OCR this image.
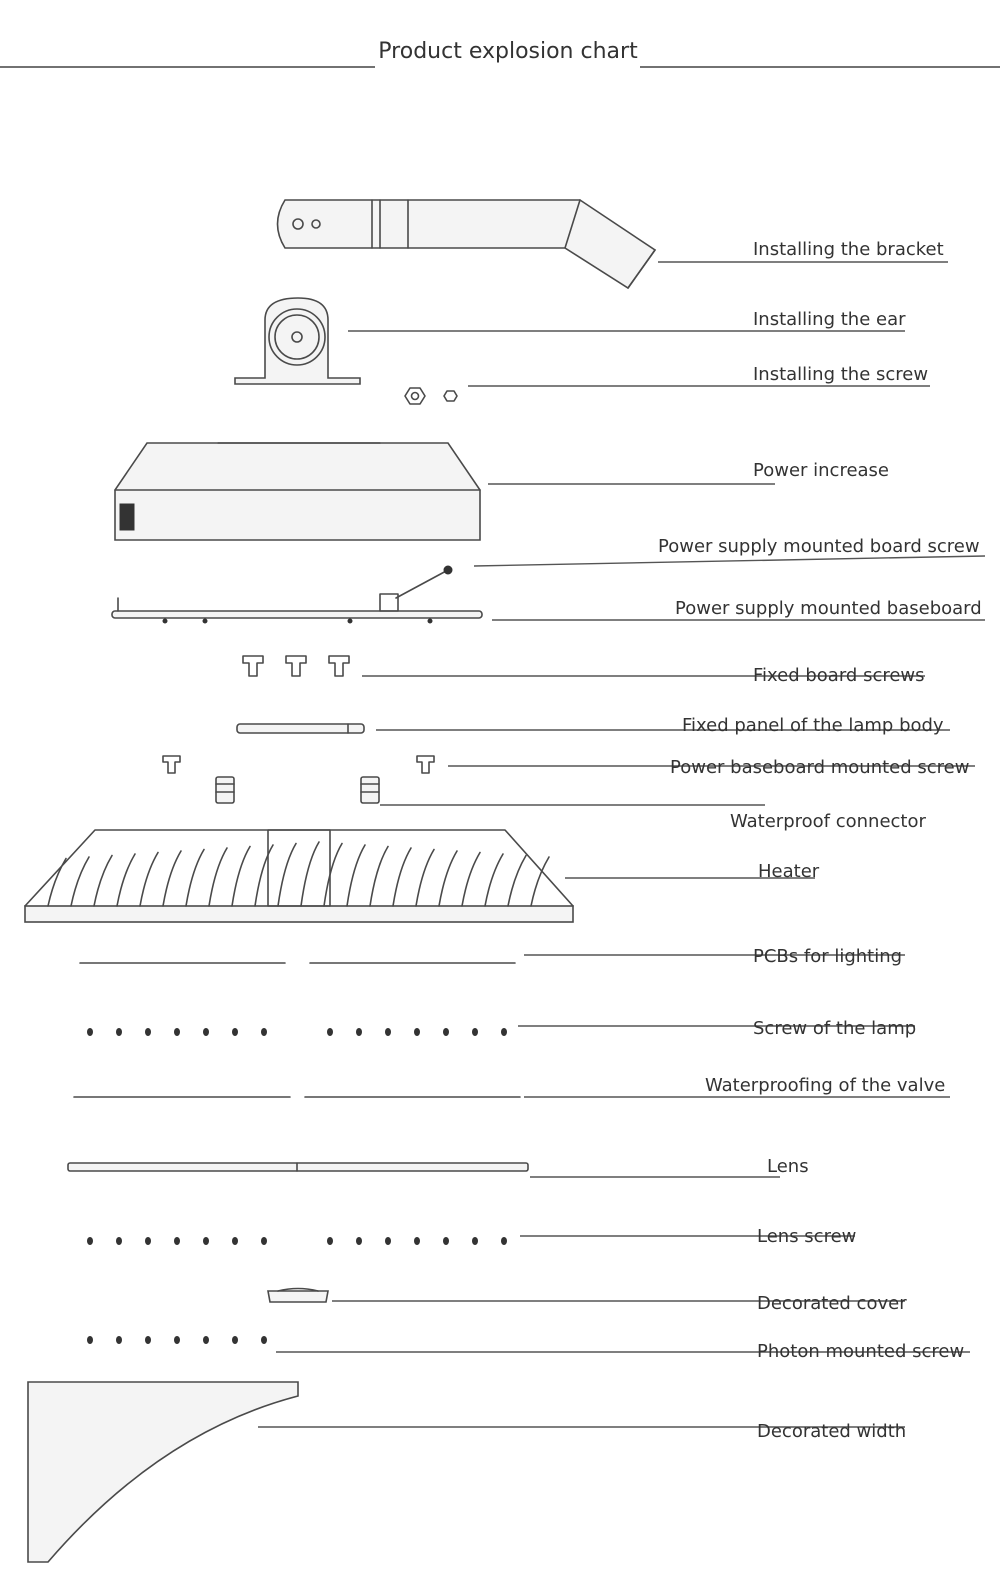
Product explosion chart
Installing the bracket
Installing the ear
Installing the screw
Power increase
Power supply mounted board screw
Power supply mounted baseboard
Fixed board screws
Fixed panel of the lamp body
Power baseboard mounted screw
Waterproof connector
Heater
PCBs for lighting
Screw of the lamp
Waterproofing of the valve
Lens
Lens screw
Decorated cover
Photon mounted screw
Decorated width
